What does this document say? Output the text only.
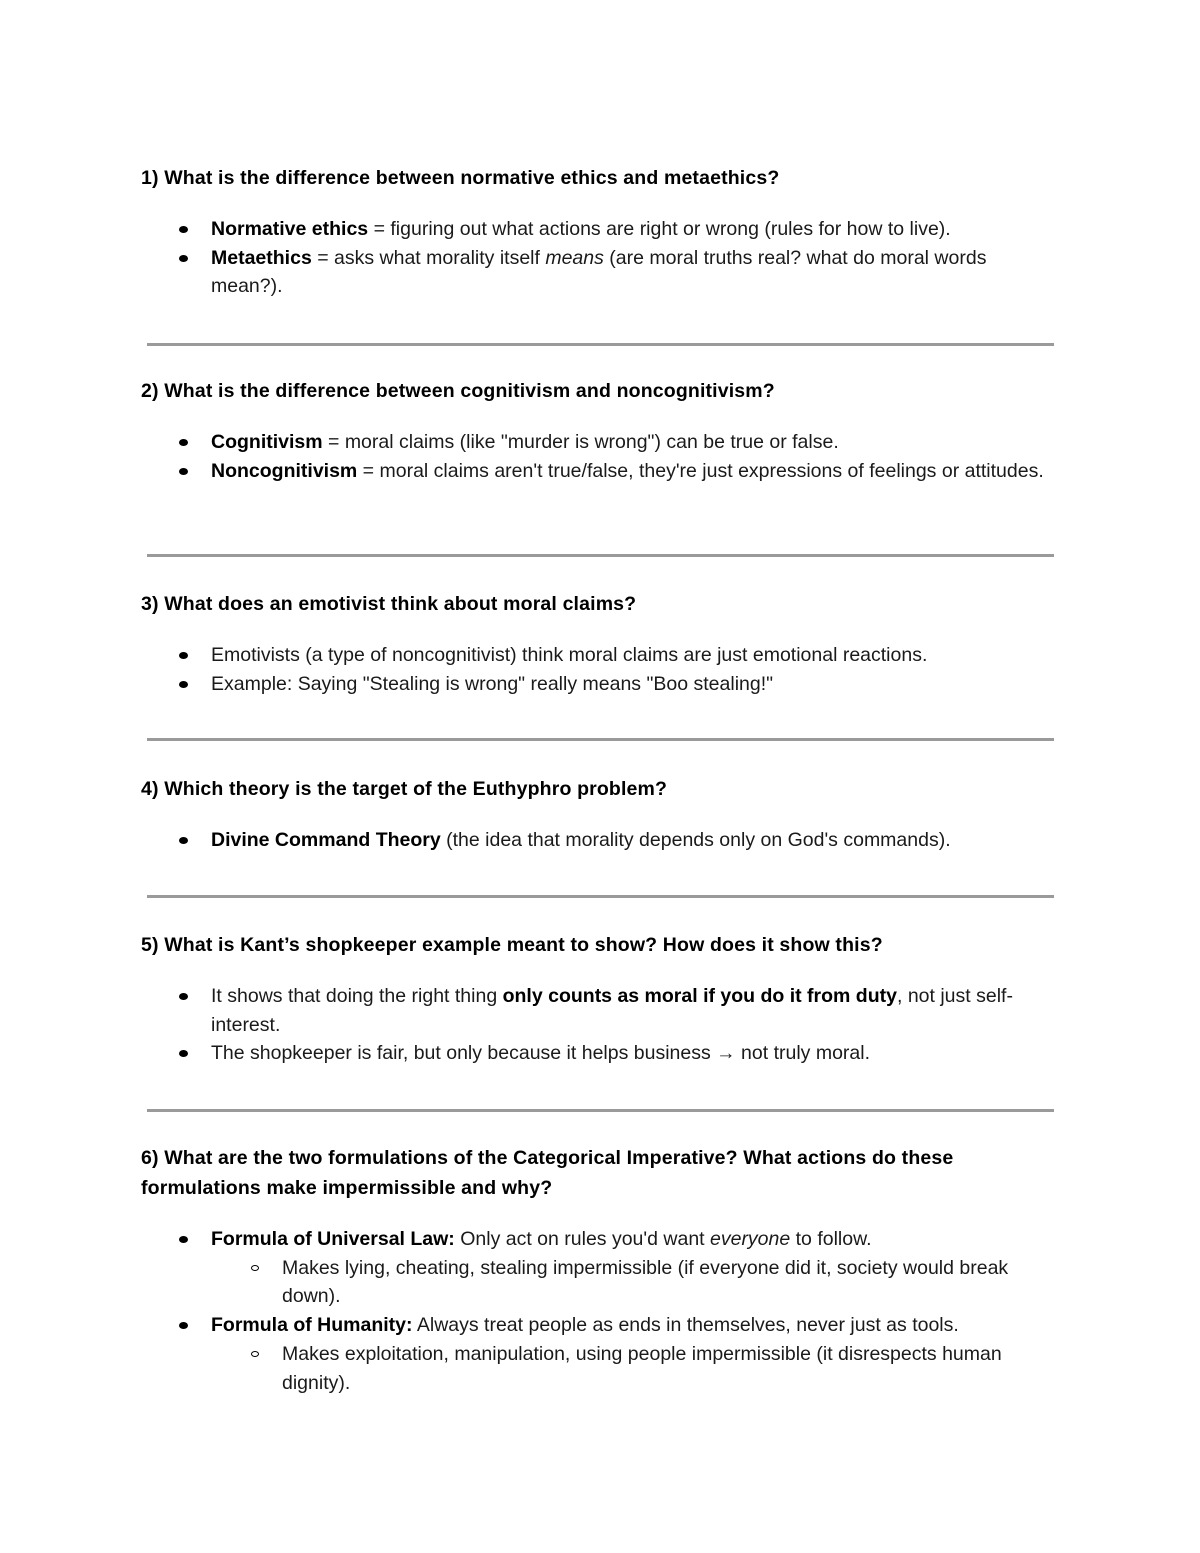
1) What is the difference between normative ethics and metaethics?

Normative ethics = figuring out what actions are right or wrong (rules for how to live).
Metaethics = asks what morality itself means (are moral truths real? what do moral words mean?).

2) What is the difference between cognitivism and noncognitivism?

Cognitivism = moral claims (like "murder is wrong") can be true or false.
Noncognitivism = moral claims aren't true/false, they're just expressions of feelings or attitudes.

3) What does an emotivist think about moral claims?

Emotivists (a type of noncognitivist) think moral claims are just emotional reactions.
Example: Saying "Stealing is wrong" really means "Boo stealing!"

4) Which theory is the target of the Euthyphro problem?

Divine Command Theory (the idea that morality depends only on God's commands).

5) What is Kant’s shopkeeper example meant to show? How does it show this?

It shows that doing the right thing only counts as moral if you do it from duty, not just self-interest.
The shopkeeper is fair, but only because it helps business → not truly moral.

6) What are the two formulations of the Categorical Imperative? What actions do these formulations make impermissible and why?

Formula of Universal Law: Only act on rules you'd want everyone to follow.
Makes lying, cheating, stealing impermissible (if everyone did it, society would break down).
Formula of Humanity: Always treat people as ends in themselves, never just as tools.
Makes exploitation, manipulation, using people impermissible (it disrespects human dignity).
